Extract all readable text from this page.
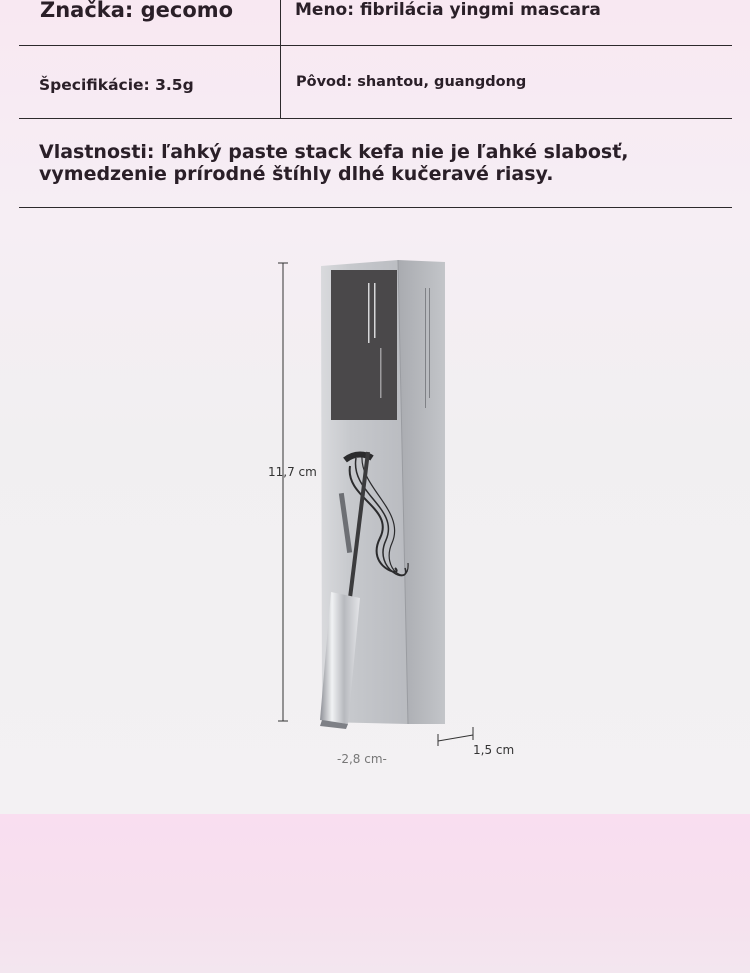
Značka: gecomo	Meno: fibrilácia yingmi mascara
Špecifikácie: 3.5g	Pôvod: shantou, guangdong
Vlastnosti: ľahký paste stack kefa nie je ľahké slabosť, vymedzenie prírodné štíhly dlhé kučeravé riasy.
11,7 cm
1,5 cm
-2,8 cm-
